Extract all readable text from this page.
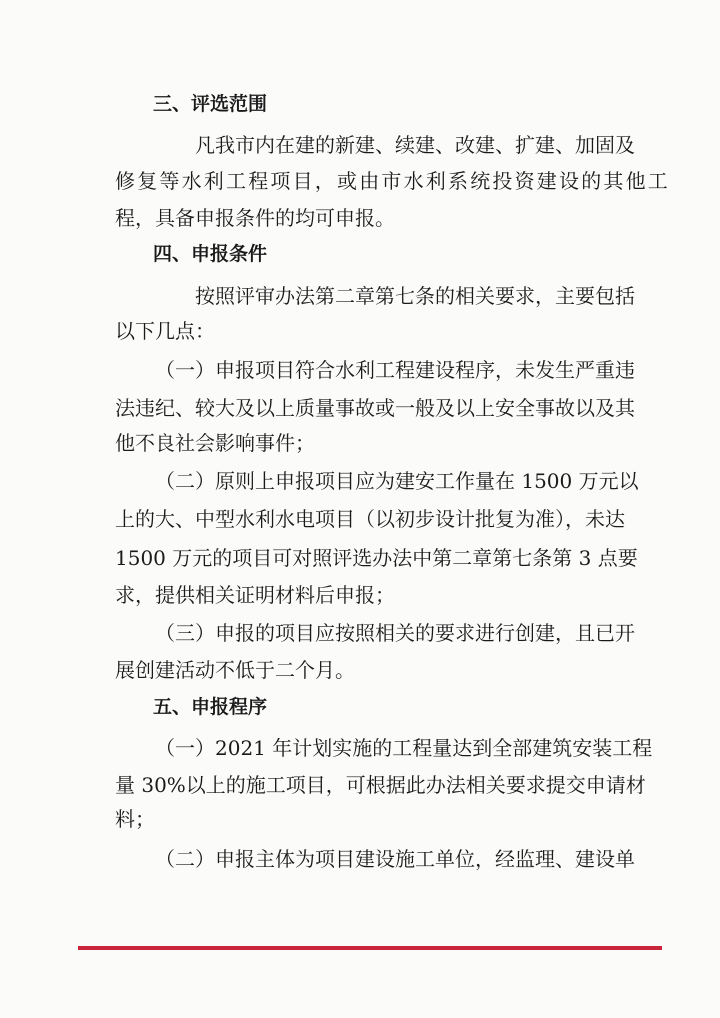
三、评选范围
凡我市内在建的新建、续建、改建、扩建、加固及
修复等水利工程项目，或由市水利系统投资建设的其他工
程，具备申报条件的均可申报。
四、申报条件
按照评审办法第二章第七条的相关要求，主要包括
以下几点：
（一）申报项目符合水利工程建设程序，未发生严重违
法违纪、较大及以上质量事故或一般及以上安全事故以及其
他不良社会影响事件；
（二）原则上申报项目应为建安工作量在 1500 万元以
上的大、中型水利水电项目（以初步设计批复为准），未达
1500 万元的项目可对照评选办法中第二章第七条第 3 点要
求，提供相关证明材料后申报；
（三）申报的项目应按照相关的要求进行创建，且已开
展创建活动不低于二个月。
五、申报程序
（一）2021 年计划实施的工程量达到全部建筑安装工程
量 30%以上的施工项目，可根据此办法相关要求提交申请材
料；
（二）申报主体为项目建设施工单位，经监理、建设单
